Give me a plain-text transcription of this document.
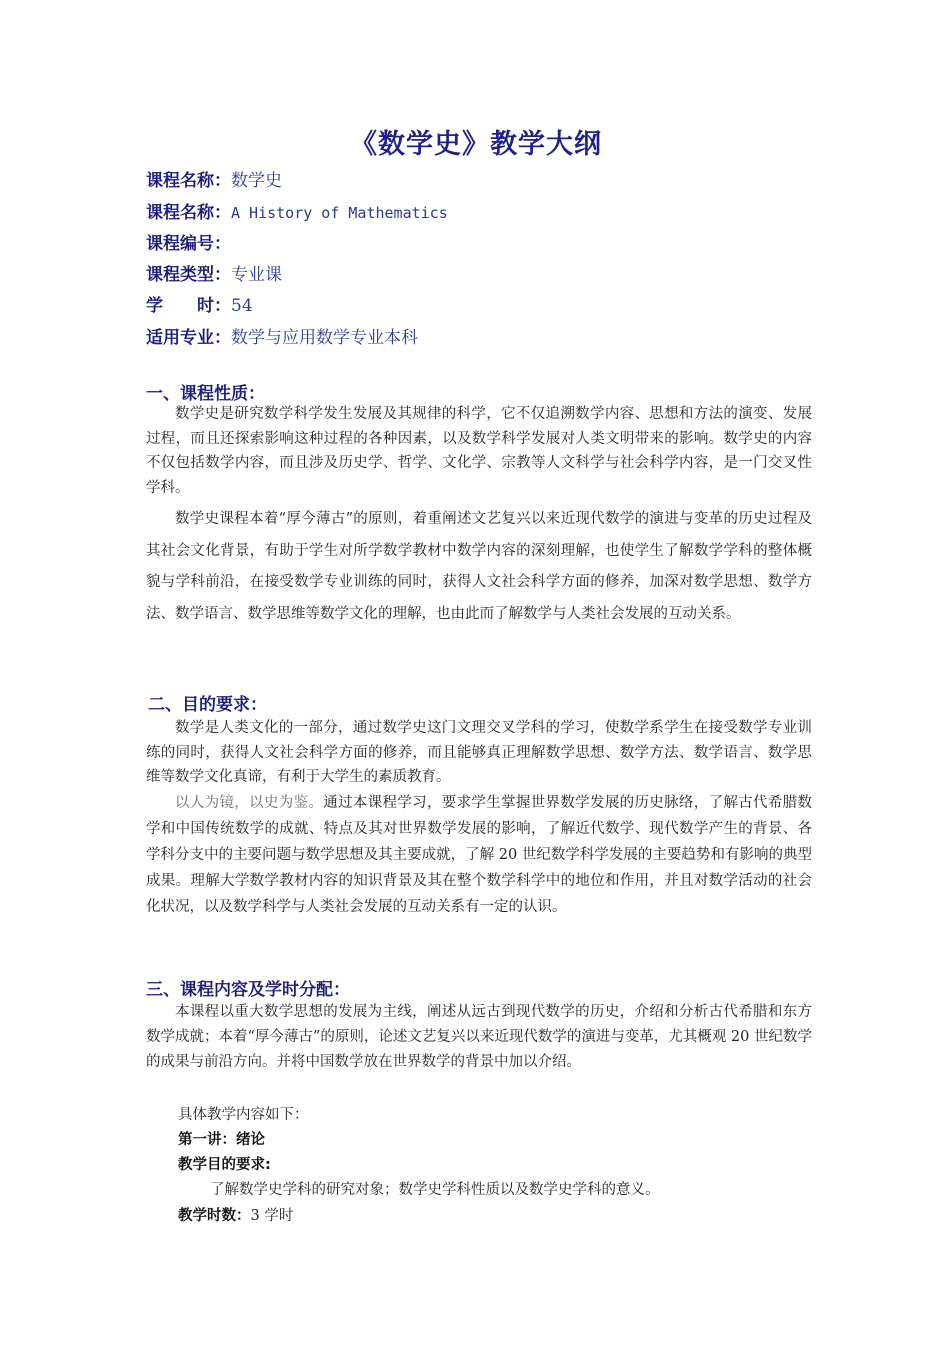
《数学史》教学大纲
课程名称：数学史
课程名称：A History of Mathematics
课程编号：
课程类型：专业课
学　　时：54
适用专业：数学与应用数学专业本科
一、课程性质：
数学史是研究数学科学发生发展及其规律的科学，它不仅追溯数学内容、思想和方法的演变、发展过程，而且还探索影响这种过程的各种因素，以及数学科学发展对人类文明带来的影响。数学史的内容不仅包括数学内容，而且涉及历史学、哲学、文化学、宗教等人文科学与社会科学内容，是一门交叉性学科。
数学史课程本着“厚今薄古”的原则，着重阐述文艺复兴以来近现代数学的演进与变革的历史过程及其社会文化背景，有助于学生对所学数学教材中数学内容的深刻理解，也使学生了解数学学科的整体概貌与学科前沿，在接受数学专业训练的同时，获得人文社会科学方面的修养，加深对数学思想、数学方法、数学语言、数学思维等数学文化的理解，也由此而了解数学与人类社会发展的互动关系。
二、目的要求：
数学是人类文化的一部分，通过数学史这门文理交叉学科的学习，使数学系学生在接受数学专业训练的同时，获得人文社会科学方面的修养，而且能够真正理解数学思想、数学方法、数学语言、数学思维等数学文化真谛，有利于大学生的素质教育。
以人为镜，以史为鉴。通过本课程学习，要求学生掌握世界数学发展的历史脉络，了解古代希腊数学和中国传统数学的成就、特点及其对世界数学发展的影响，了解近代数学、现代数学产生的背景、各学科分支中的主要问题与数学思想及其主要成就，了解 20 世纪数学科学发展的主要趋势和有影响的典型成果。理解大学数学教材内容的知识背景及其在整个数学科学中的地位和作用，并且对数学活动的社会化状况，以及数学科学与人类社会发展的互动关系有一定的认识。
三、课程内容及学时分配：
本课程以重大数学思想的发展为主线，阐述从远古到现代数学的历史，介绍和分析古代希腊和东方数学成就；本着“厚今薄古”的原则，论述文艺复兴以来近现代数学的演进与变革，尤其概观 20 世纪数学的成果与前沿方向。并将中国数学放在世界数学的背景中加以介绍。
具体教学内容如下：
第一讲：绪论
教学目的要求:
了解数学史学科的研究对象；数学史学科性质以及数学史学科的意义。
教学时数：3 学时
